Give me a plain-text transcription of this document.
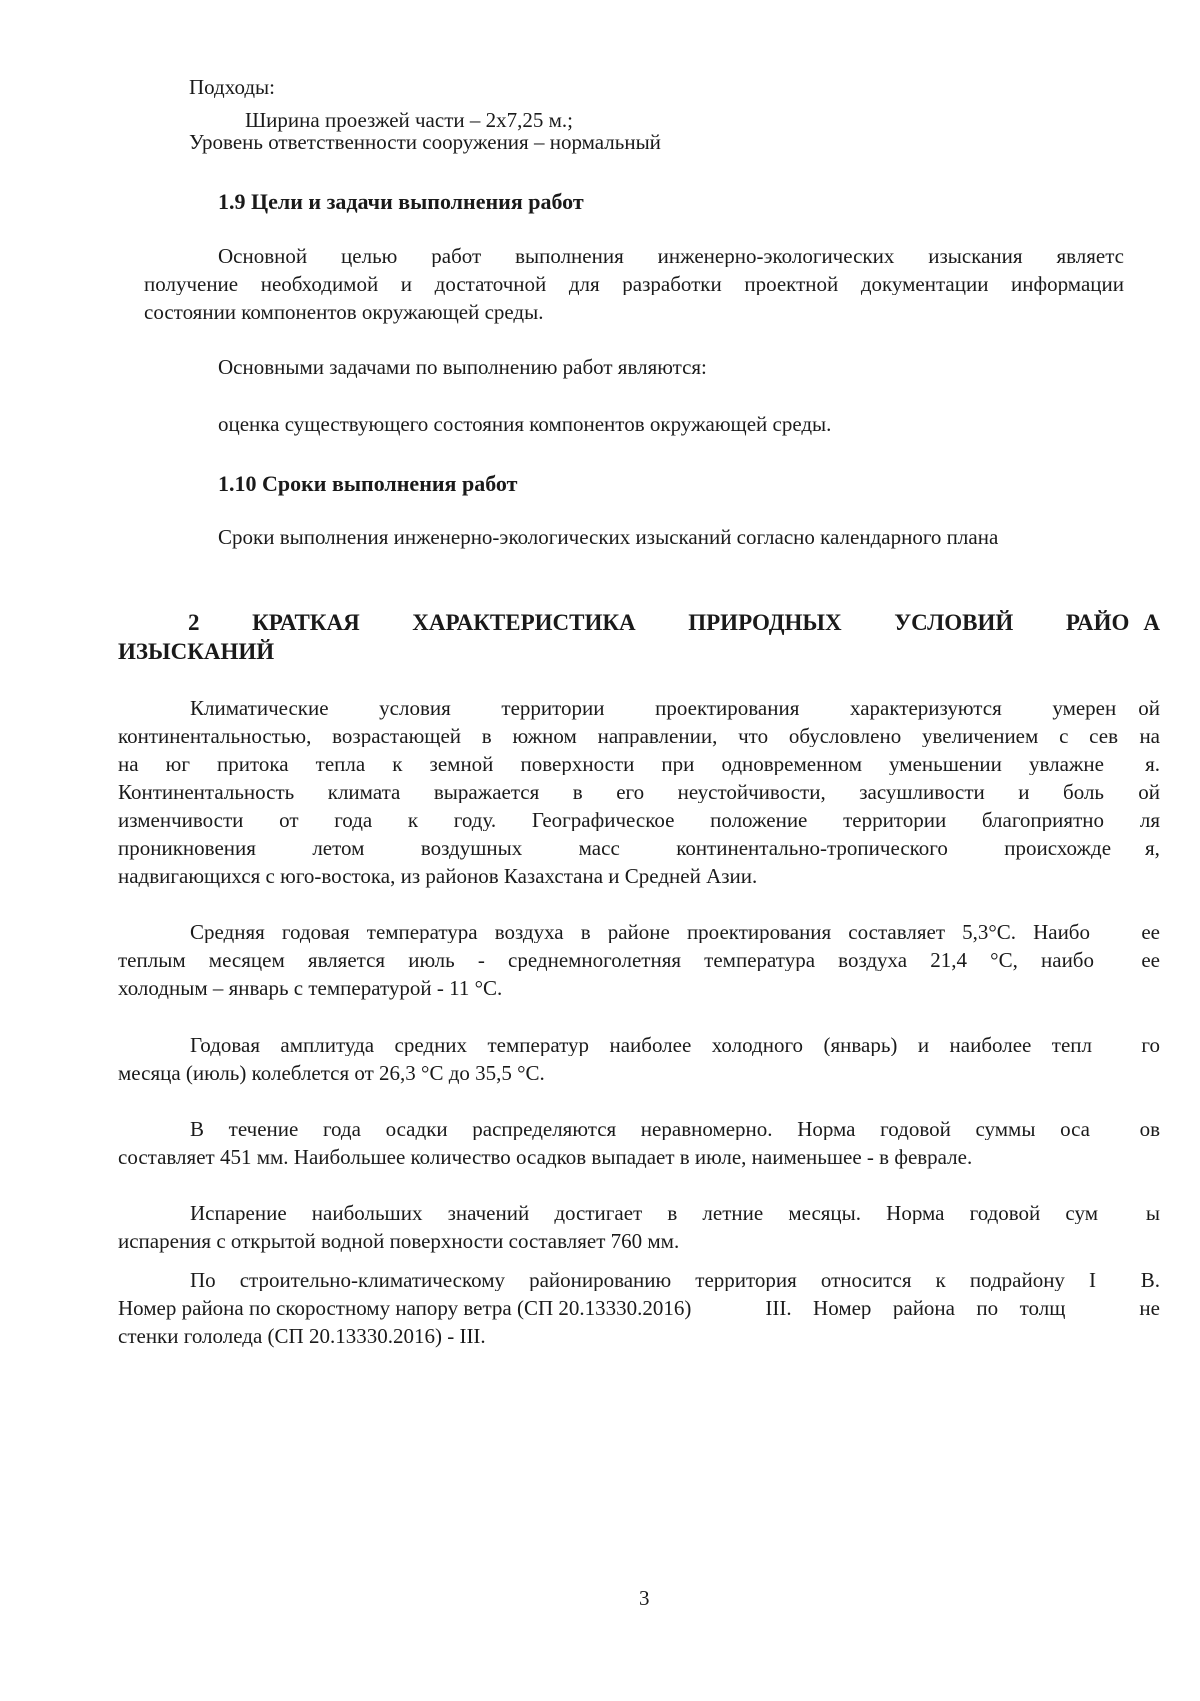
Подходы:
Ширина проезжей части – 2х7,25 м.;
Уровень ответственности сооружения – нормальный
1.9 Цели и задачи выполнения работ
Основной целью работ выполнения инженерно-экологических изыскания являетс
получение необходимой и достаточной для разработки проектной документации информации
состоянии компонентов окружающей среды.
Основными задачами по выполнению работ являются:
оценка существующего состояния компонентов окружающей среды.
1.10 Сроки выполнения работ
Сроки выполнения инженерно-экологических изысканий согласно календарного плана
2 КРАТКАЯ ХАРАКТЕРИСТИКА ПРИРОДНЫХ УСЛОВИЙ РАЙО А
ИЗЫСКАНИЙ
Климатические условия территории проектирования характеризуются умерен ой
континентальностью, возрастающей в южном направлении, что обусловлено увеличением с сев на
на юг притока тепла к земной поверхности при одновременном уменьшении увлажне я.
Континентальность климата выражается в его неустойчивости, засушливости и боль ой
изменчивости от года к году. Географическое положение территории благоприятно ля
проникновения	летом	воздушных	масс	континентально-тропического	происхожде я,
надвигающихся с юго-востока, из районов Казахстана и Средней Азии.
Средняя годовая температура воздуха в районе проектирования составляет 5,3°С. Наибо ее
теплым месяцем является июль - среднемноголетняя температура воздуха 21,4 °С, наибо ее
холодным – январь с температурой - 11 °С.
Годовая амплитуда средних температур наиболее холодного (январь) и наиболее тепл го
месяца (июль) колеблется от 26,3 °С до 35,5 °С.
В течение года осадки распределяются неравномерно. Норма годовой суммы оса ов
составляет 451 мм. Наибольшее количество осадков выпадает в июле, наименьшее - в феврале.
Испарение наибольших значений достигает в летние месяцы. Норма годовой сум ы
испарения с открытой водной поверхности составляет 760 мм.
По строительно-климатическому районированию территория относится к подрайону I В.
Номер района по скоростному напору ветра (СП 20.13330.2016)	III. Номер района по толщ	не
стенки гололеда (СП 20.13330.2016) - III.
3
